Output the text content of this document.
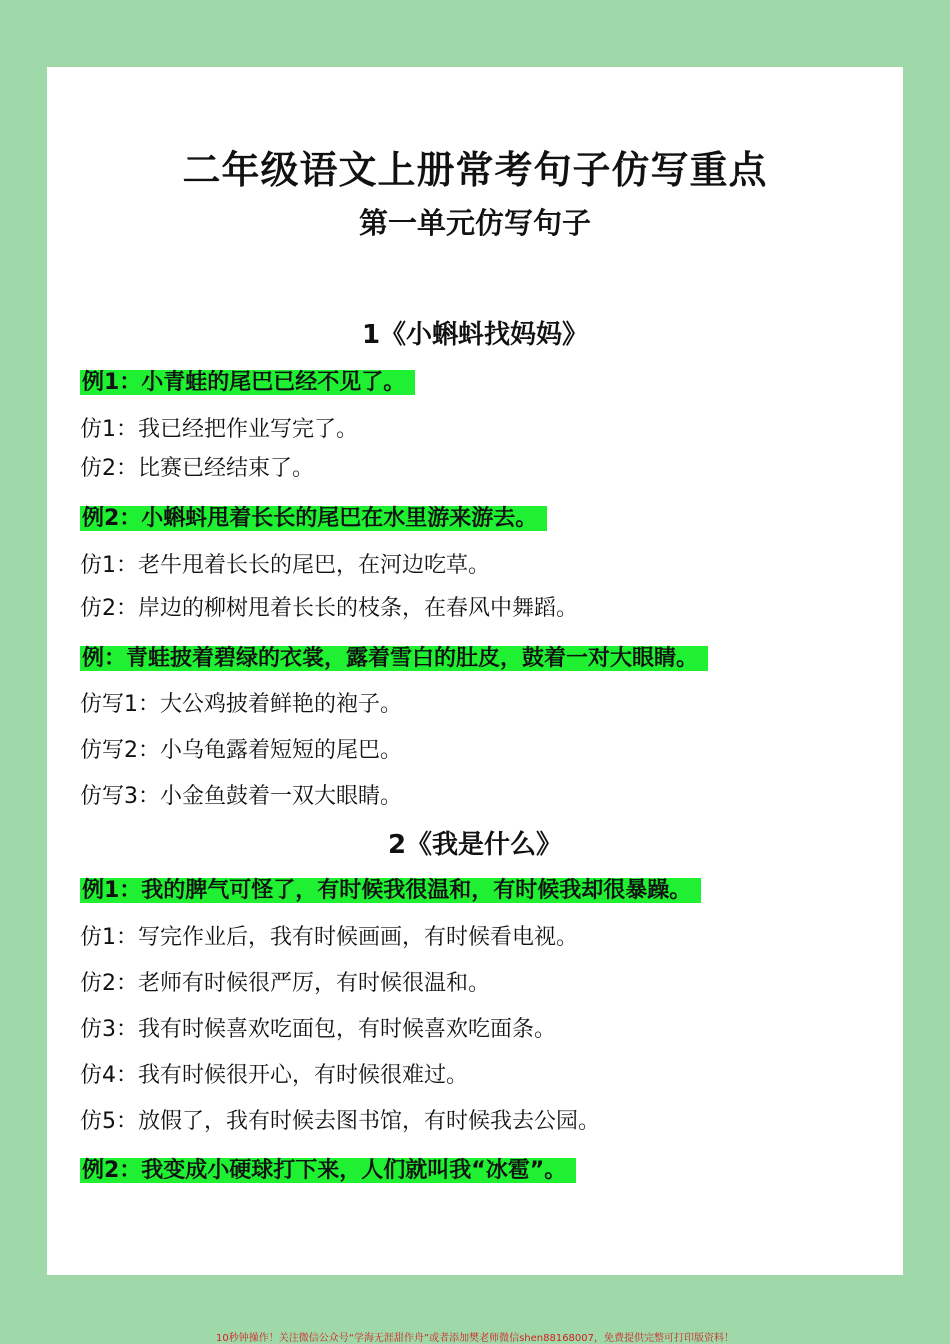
二年级语文上册常考句子仿写重点
第一单元仿写句子
1《小蝌蚪找妈妈》
例1：小青蛙的尾巴已经不见了。
仿1：我已经把作业写完了。
仿2：比赛已经结束了。
例2：小蝌蚪甩着长长的尾巴在水里游来游去。
仿1：老牛甩着长长的尾巴，在河边吃草。
仿2：岸边的柳树甩着长长的枝条，在春风中舞蹈。
例：青蛙披着碧绿的衣裳，露着雪白的肚皮，鼓着一对大眼睛。
仿写1：大公鸡披着鲜艳的袍子。
仿写2：小乌龟露着短短的尾巴。
仿写3：小金鱼鼓着一双大眼睛。
2《我是什么》
例1：我的脾气可怪了，有时候我很温和，有时候我却很暴躁。
仿1：写完作业后，我有时候画画，有时候看电视。
仿2：老师有时候很严厉，有时候很温和。
仿3：我有时候喜欢吃面包，有时候喜欢吃面条。
仿4：我有时候很开心，有时候很难过。
仿5：放假了，我有时候去图书馆，有时候我去公园。
例2：我变成小硬球打下来，人们就叫我“冰雹”。
10秒钟操作！关注微信公众号“学海无涯甜作舟”或者添加樊老师微信shen88168007，免费提供完整可打印版资料！
